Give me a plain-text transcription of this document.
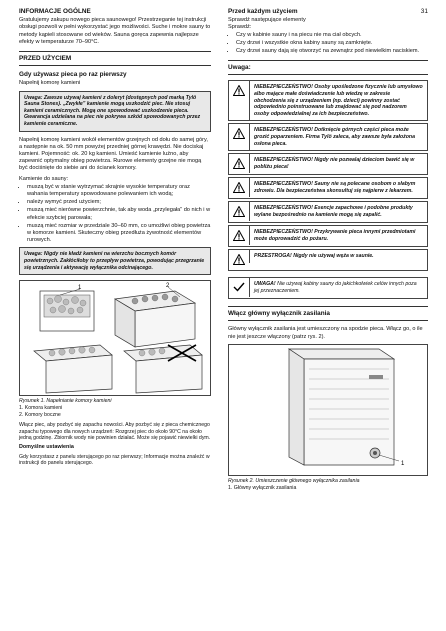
31
INFORMACJE OGÓLNE

Gratulujemy zakupu nowego pieca saunowego! Przestrzeganie tej instrukcji obsługi pozwoli w pełni wykorzystać jego możliwości. Suche i mokre sauny to metody kąpieli stosowane od wieków. Sauna goręca zapewnia najlepsze efekty w temperaturze 70–90°C.

PRZED UŻYCIEM
Gdy używasz pieca po raz pierwszy

Napełnij komorę kamieni

Uwaga: Zawsze używaj kamieni z doleryt (dostępnych pod marką Tylö Sauna Stones). „Zwykłe” kamienie mogą uszkodzić piec. Nie stosuj kamieni ceramicznych. Mogą one spowodować uszkodzenie pieca. Gwarancja udzielana na piec nie pokrywa szkód spowodowanych przez kamienie ceramiczne.

Napełnij komorę kamieni wokół elementów grzejnych od dołu do samej góry, a następnie na ok. 50 mm powyżej przedniej górnej krawędzi. Nie dociskaj kamieni. Pojemność: ok. 20 kg kamieni. Umieść kamienie luźno, aby zapewnić optymalny obieg powietrza. Rurowe elementy grzejne nie mogą być dociśnięte do siebie ani do ścianek komory.

Kamienie do sauny:

• muszą być w stanie wytrzymać skrajnie wysokie temperatury oraz wahania temperatury spowodowane polewaniem ich wodą;
• należy wymyć przed użyciem;
• muszą mieć nierówne powierzchnie, tak aby woda „przylegała” do nich i w efekcie szybciej parowała;
• muszą mieć rozmiar w przedziale 30–60 mm, co umożliwi obieg powietrza w komorze kamieni. Skuteczny obieg przedłuża żywotność elementów rurowych.
Uwaga: Nigdy nie kładź kamieni na wierzchu bocznych komór powietrznych. Zakłóciłoby to przepływ powietrza, powodując przegrzanie się urządzenia i aktywację wyłącznika odcinającego.
1	2
Rysunek 1. Napełnianie komory kamieni
1. Komora kamieni
2. Komory boczne

Włącz piec, aby pozbyć się zapachu nowości. Aby pozbyć się z pieca chemicznego zapachu typowego dla nowych urządzeń: Rozgrzej piec do około 90°C na około jedną godzinę. Zbiornik wody nie powinien działać. Może się pojawić niewielki dym.

Domyślne ustawienia

Gdy korzystasz z panelu sterującego po raz pierwszy; Informacje można znaleźć w instrukcji do panelu sterującego.

Przed każdym użyciem

Sprawdź następujące elementy

Sprawdź:

• Czy w kabinie sauny i na piecu nie ma ciał obcych.
• Czy drzwi i wszystkie okna kabiny sauny są zamknięte.
• Czy drzwi sauny dają się otworzyć na zewnątrz pod niewielkim naciskiem.
Uwaga:
NIEBEZPIECZEŃSTWO! Osoby upośledzone fizycznie lub umysłowo albo mające małe doświadczenie lub wiedzę w zakresie obchodzenia się z urządzeniem (np. dzieci) powinny zostać odpowiednio poinstruowane lub znajdować się pod nadzorem osoby odpowiedzialnej za ich bezpieczeństwo.
NIEBEZPIECZEŃSTWO! Dotknięcie górnych części pieca może grozić poparzeniem. Firma Tylö zaleca, aby zawsze była założona osłona pieca.
NIEBEZPIECZEŃSTWO! Nigdy nie pozwalaj dzieciom bawić się w pobliżu pieca!
NIEBEZPIECZEŃSTWO! Sauny nie są polecane osobom o słabym zdrowiu. Dla bezpieczeństwa skonsultuj się najpierw z lekarzem.
NIEBEZPIECZEŃSTWO! Esencje zapachowe i podobne produkty wylane bezpośrednio na kamienie mogą się zapalić.
NIEBEZPIECZEŃSTWO! Przykrywanie pieca innymi przedmiotami może doprowadzić do pożaru.
PRZESTROGA! Nigdy nie używaj węża w saunie.
UWAGA! Nie używaj kabiny sauny do jakichkolwiek celów innych poza jej przeznaczeniem.
Włącz główny wyłącznik zasilania

Główny wyłącznik zasilania jest umieszczony na spodzie pieca. Włącz go, o ile nie jest jeszcze włączony (patrz rys. 2).

1
Rysunek 2. Umieszczenie głównego wyłącznika zasilania
1. Główny wyłącznik zasilania
